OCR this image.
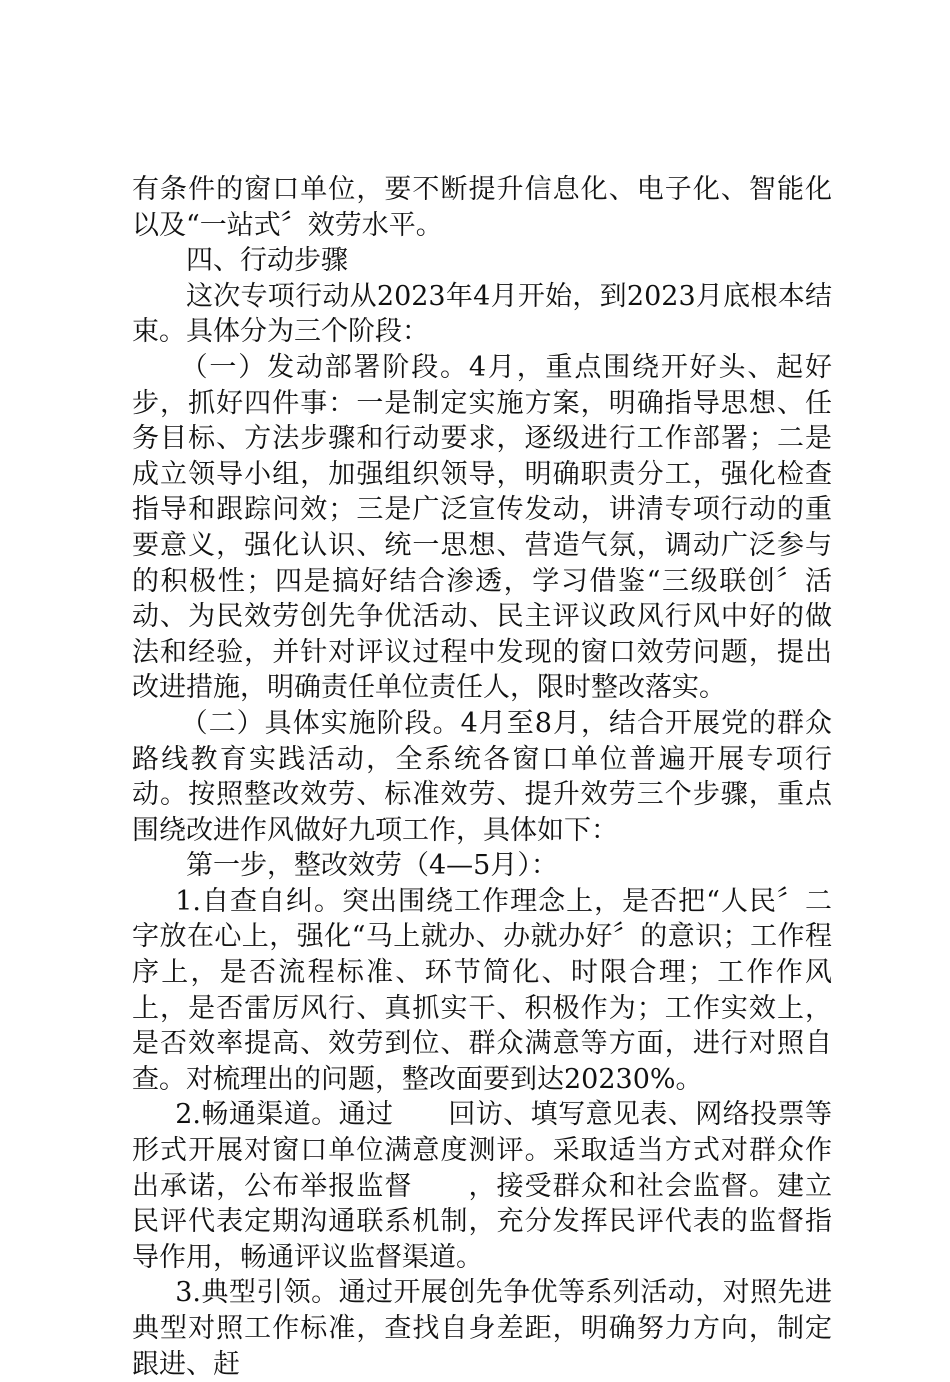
有条件的窗口单位，要不断提升信息化、电子化、智能化以及“一站式〞效劳水平。

四、行动步骤

这次专项行动从2023年4月开始，到2023月底根本结束。具体分为三个阶段：

（一）发动部署阶段。4月，重点围绕开好头、起好步，抓好四件事：一是制定实施方案，明确指导思想、任务目标、方法步骤和行动要求，逐级进行工作部署；二是成立领导小组，加强组织领导，明确职责分工，强化检查指导和跟踪问效；三是广泛宣传发动，讲清专项行动的重要意义，强化认识、统一思想、营造气氛，调动广泛参与的积极性；四是搞好结合渗透，学习借鉴“三级联创〞活动、为民效劳创先争优活动、民主评议政风行风中好的做法和经验，并针对评议过程中发现的窗口效劳问题，提出改进措施，明确责任单位责任人，限时整改落实。

（二）具体实施阶段。4月至8月，结合开展党的群众路线教育实践活动，全系统各窗口单位普遍开展专项行动。按照整改效劳、标准效劳、提升效劳三个步骤，重点围绕改进作风做好九项工作，具体如下：

第一步，整改效劳（4—5月）：

1.自查自纠。突出围绕工作理念上，是否把“人民〞二字放在心上，强化“马上就办、办就办好〞的意识；工作程序上，是否流程标准、环节简化、时限合理；工作作风上，是否雷厉风行、真抓实干、积极作为；工作实效上，是否效率提高、效劳到位、群众满意等方面，进行对照自查。对梳理出的问题，整改面要到达20230%。

2.畅通渠道。通过　　回访、填写意见表、网络投票等形式开展对窗口单位满意度测评。采取适当方式对群众作出承诺，公布举报监督　　，接受群众和社会监督。建立民评代表定期沟通联系机制，充分发挥民评代表的监督指导作用，畅通评议监督渠道。

3.典型引领。通过开展创先争优等系列活动，对照先进典型对照工作标准，查找自身差距，明确努力方向，制定跟进、赶
